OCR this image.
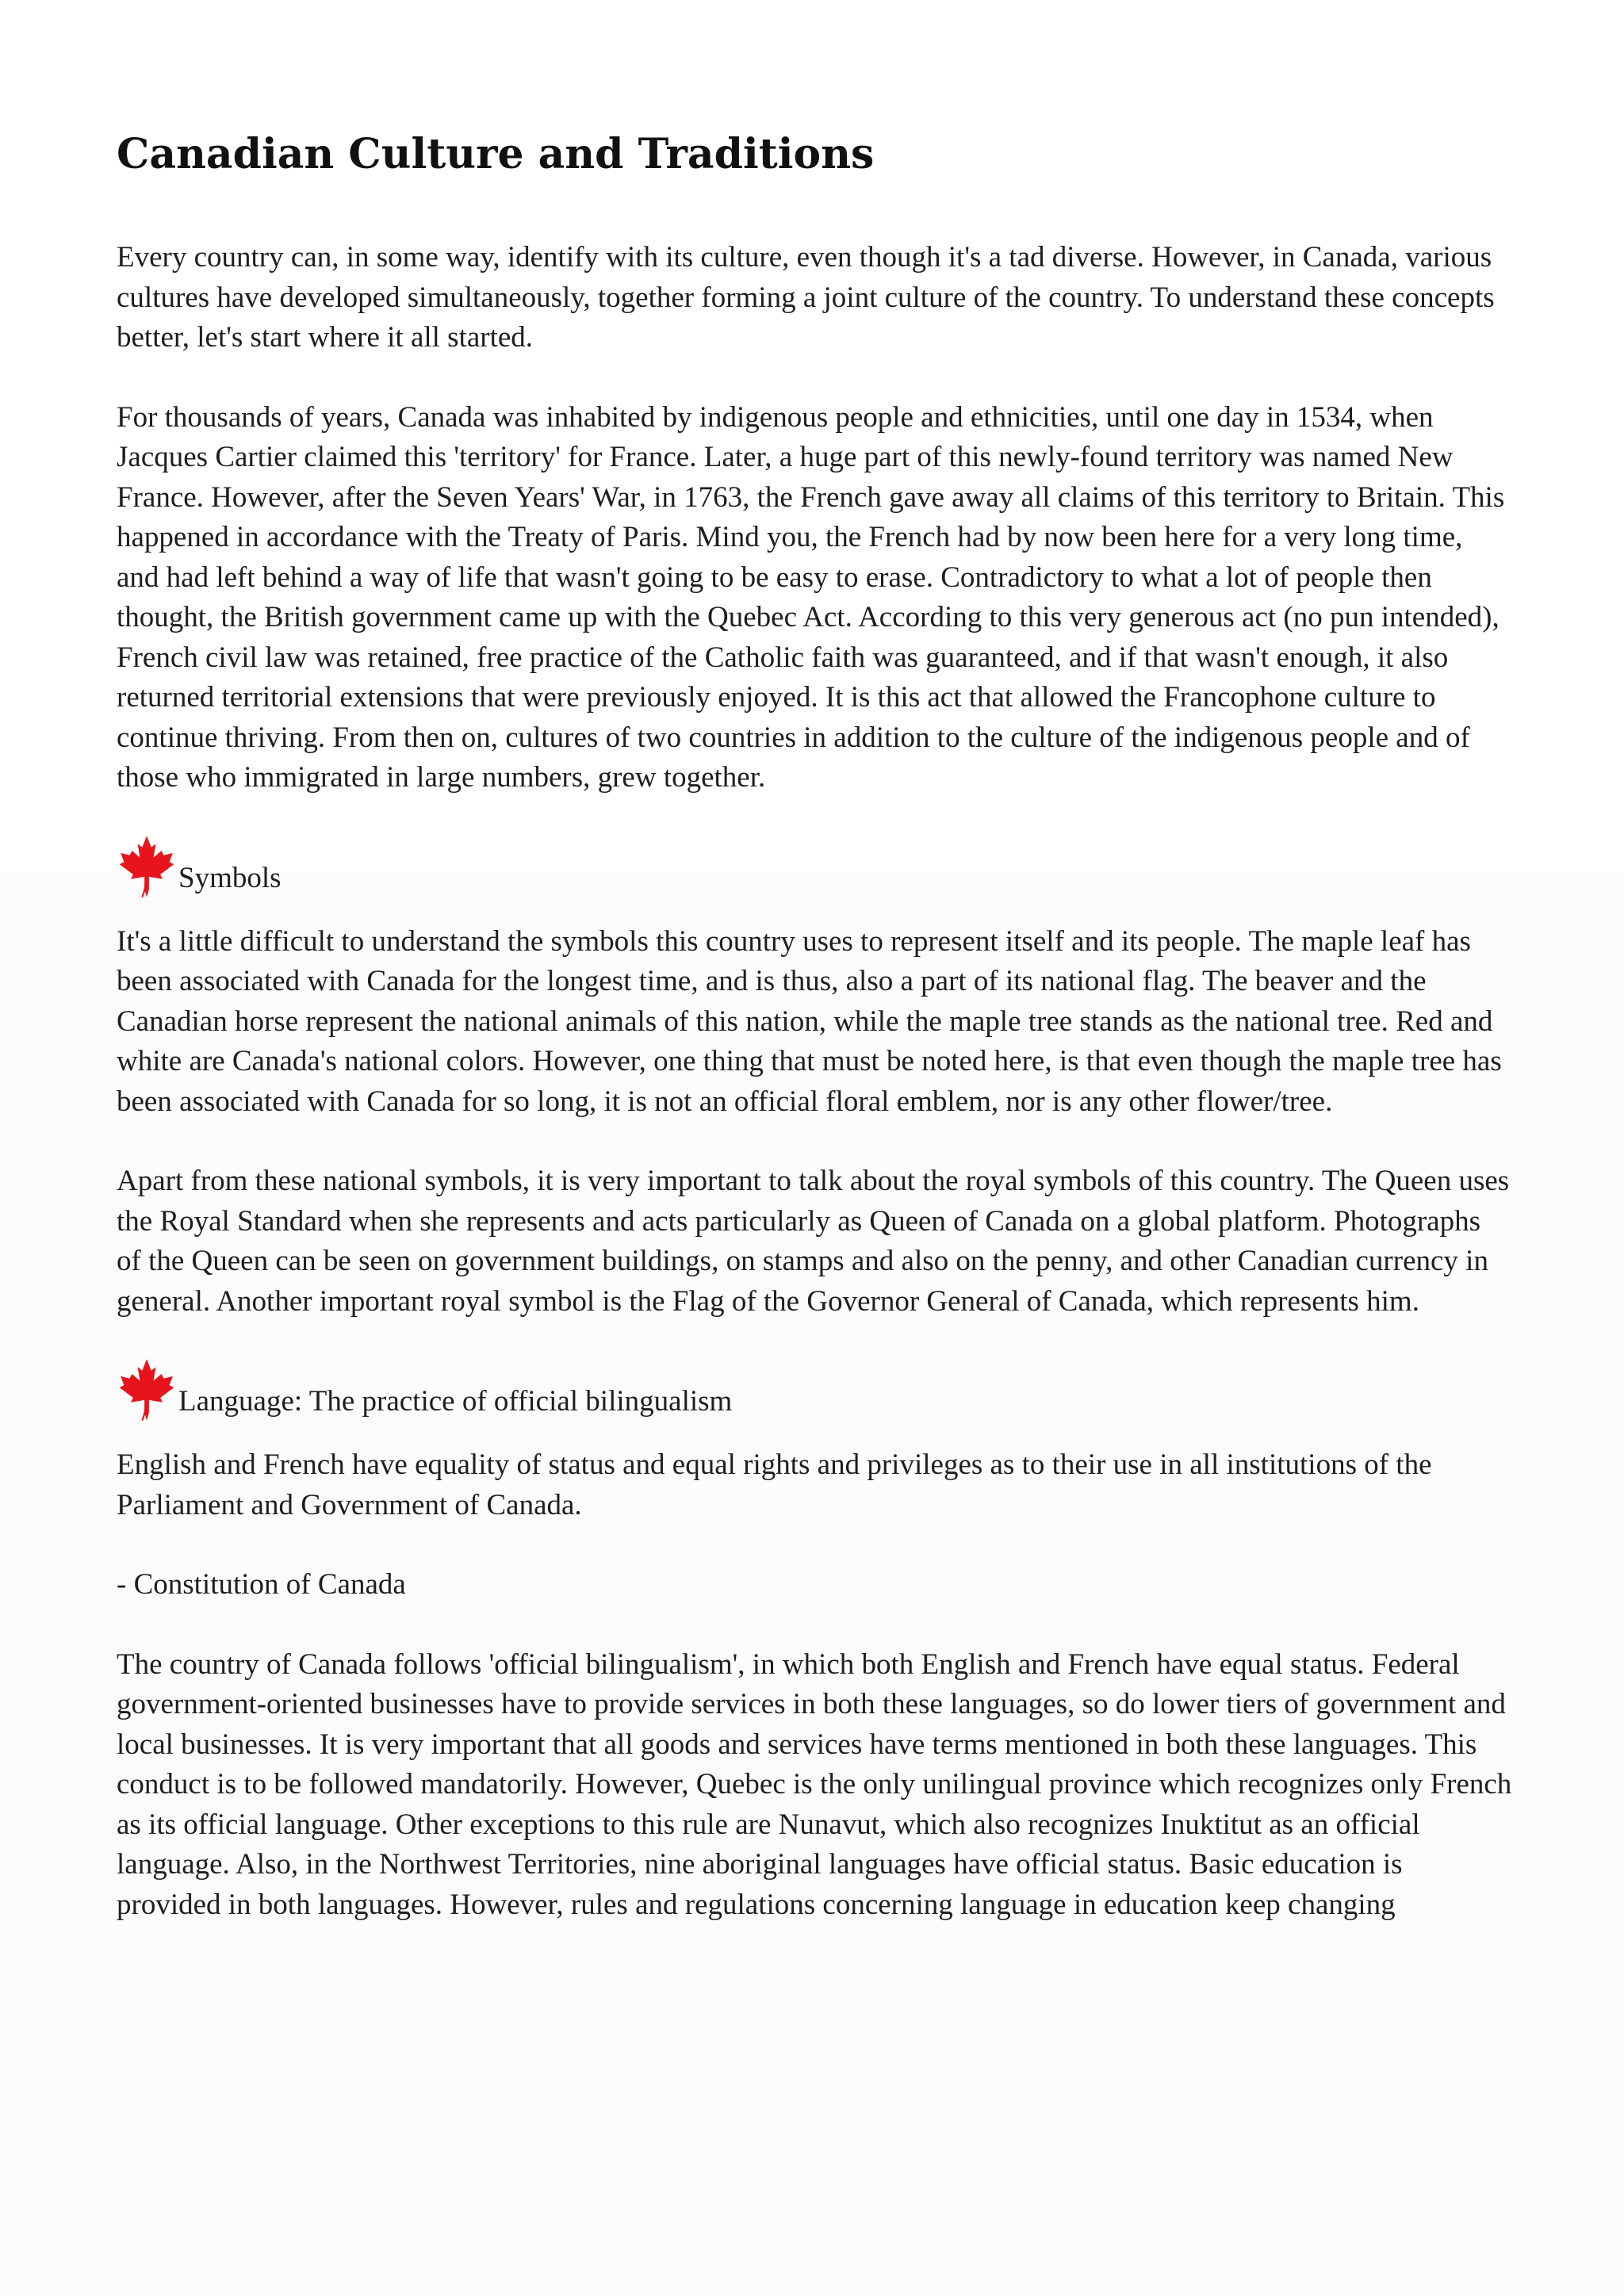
Canadian Culture and Traditions

Every country can, in some way, identify with its culture, even though it's a tad diverse. However, in Canada, various cultures have developed simultaneously, together forming a joint culture of the country. To understand these concepts better, let's start where it all started.

For thousands of years, Canada was inhabited by indigenous people and ethnicities, until one day in 1534, when Jacques Cartier claimed this 'territory' for France. Later, a huge part of this newly-found territory was named New France. However, after the Seven Years' War, in 1763, the French gave away all claims of this territory to Britain. This happened in accordance with the Treaty of Paris. Mind you, the French had by now been here for a very long time, and had left behind a way of life that wasn't going to be easy to erase. Contradictory to what a lot of people then thought, the British government came up with the Quebec Act. According to this very generous act (no pun intended), French civil law was retained, free practice of the Catholic faith was guaranteed, and if that wasn't enough, it also returned territorial extensions that were previously enjoyed. It is this act that allowed the Francophone culture to continue thriving. From then on, cultures of two countries in addition to the culture of the indigenous people and of those who immigrated in large numbers, grew together.

Symbols

It's a little difficult to understand the symbols this country uses to represent itself and its people. The maple leaf has been associated with Canada for the longest time, and is thus, also a part of its national flag. The beaver and the Canadian horse represent the national animals of this nation, while the maple tree stands as the national tree. Red and white are Canada's national colors. However, one thing that must be noted here, is that even though the maple tree has been associated with Canada for so long, it is not an official floral emblem, nor is any other flower/tree.

Apart from these national symbols, it is very important to talk about the royal symbols of this country. The Queen uses the Royal Standard when she represents and acts particularly as Queen of Canada on a global platform. Photographs of the Queen can be seen on government buildings, on stamps and also on the penny, and other Canadian currency in general. Another important royal symbol is the Flag of the Governor General of Canada, which represents him.

Language: The practice of official bilingualism

English and French have equality of status and equal rights and privileges as to their use in all institutions of the Parliament and Government of Canada.

- Constitution of Canada

The country of Canada follows 'official bilingualism', in which both English and French have equal status. Federal government-oriented businesses have to provide services in both these languages, so do lower tiers of government and local businesses. It is very important that all goods and services have terms mentioned in both these languages. This conduct is to be followed mandatorily. However, Quebec is the only unilingual province which recognizes only French as its official language. Other exceptions to this rule are Nunavut, which also recognizes Inuktitut as an official language. Also, in the Northwest Territories, nine aboriginal languages have official status. Basic education is provided in both languages. However, rules and regulations concerning language in education keep changing
